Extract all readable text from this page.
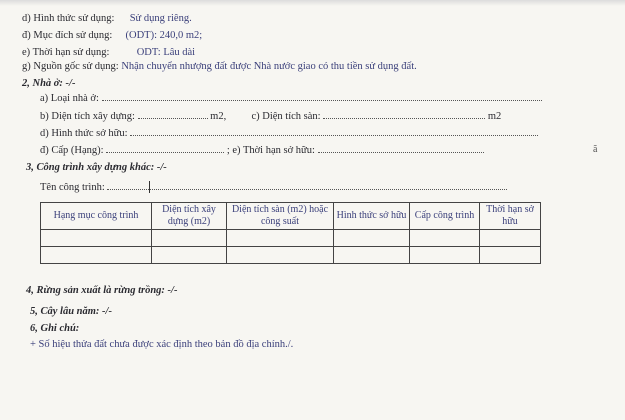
d) Hình thức sử dụng: Sử dụng riêng.
đ) Mục đích sử dụng: (ODT): 240,0 m2;
e) Thời hạn sử dụng:	ODT: Lâu dài
g) Nguồn gốc sử dụng: Nhận chuyển nhượng đất được Nhà nước giao có thu tiền sử dụng đất.
2, Nhà ở: -/-
a) Loại nhà ở:
b) Diện tích xây dựng:	m2, c) Diện tích sàn:	m2
d) Hình thức sở hữu:
đ) Cấp (Hạng):	; e) Thời hạn sở hữu:
3, Công trình xây dựng khác: -/-
Tên công trình:
Hạng mục công trình	Diện tích xây dựng (m2)	Diện tích sàn (m2) hoặc công suất	Hình thức sở hữu	Cấp công trình	Thời hạn sở hữu

4, Rừng sản xuất là rừng trồng: -/-
5, Cây lâu năm: -/-
6, Ghi chú:
+ Số hiệu thửa đất chưa được xác định theo bản đồ địa chính./.
ã
